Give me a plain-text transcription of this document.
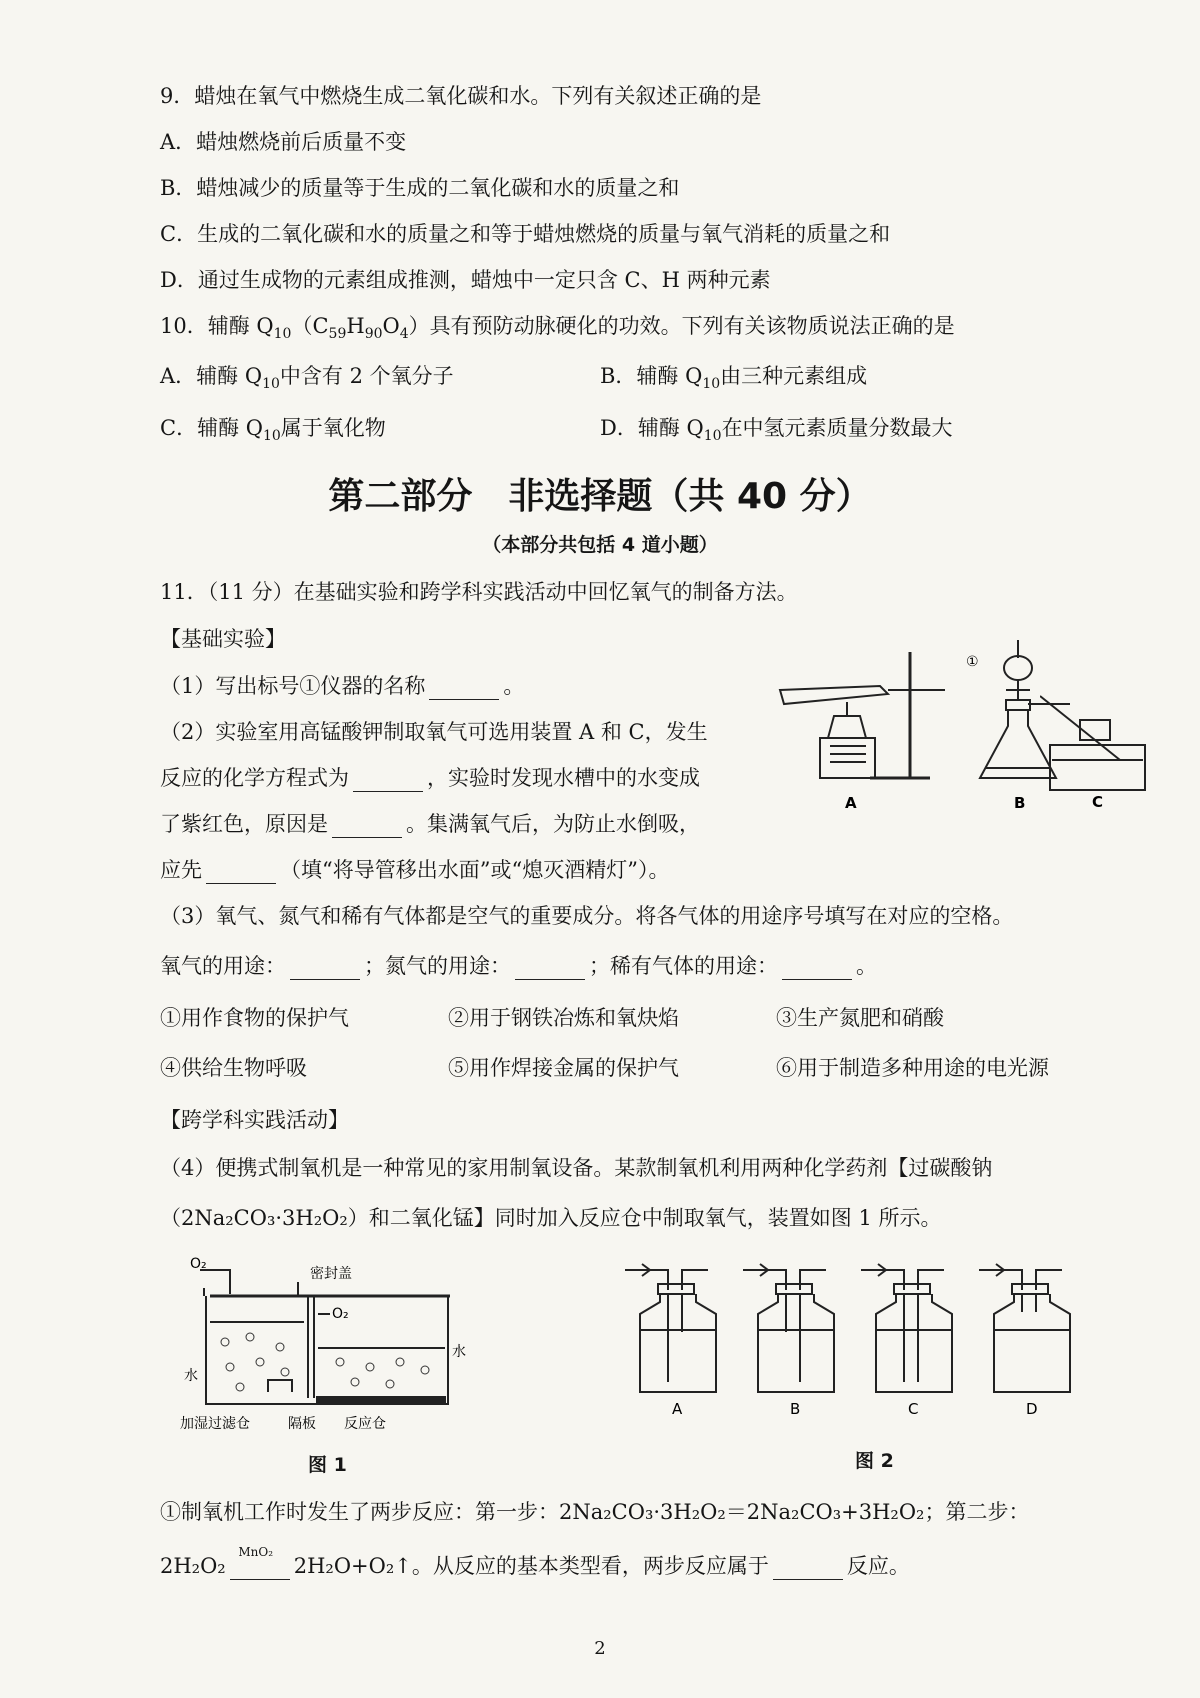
9．蜡烛在氧气中燃烧生成二氧化碳和水。下列有关叙述正确的是
A．蜡烛燃烧前后质量不变
B．蜡烛减少的质量等于生成的二氧化碳和水的质量之和
C．生成的二氧化碳和水的质量之和等于蜡烛燃烧的质量与氧气消耗的质量之和
D．通过生成物的元素组成推测，蜡烛中一定只含 C、H 两种元素
10．辅酶 $Q_{10}(C_{59}H_{90}O_4)$具有预防动脉硬化的功效。下列有关该物质说法正确的是
A．辅酶 $Q_{10}$中含有 2 个氧分子	B．辅酶 $Q_{10}$由三种元素组成
C．辅酶 $Q_{10}$属于氧化物	D．辅酶 $Q_{10}$在中氢元素质量分数最大
第二部分　非选择题（共 40 分）
（本部分共包括 4 道小题）
11．（11 分）在基础实验和跨学科实践活动中回忆氧气的制备方法。
【基础实验】
（1）写出标号①仪器的名称	。
（2）实验室用高锰酸钾制取氧气可选用装置 A 和 C，发生
反应的化学方程式为	，实验时发现水槽中的水变成
了紫红色，原因是	。集满氧气后，为防止水倒吸，
应先	（填“将导管移出水面”或“熄灭酒精灯”）。
①
A	B	C
（3）氧气、氮气和稀有气体都是空气的重要成分。将各气体的用途序号填写在对应的空格。
氧气的用途：	；氮气的用途：	；稀有气体的用途：	。
①用作食物的保护气	②用于钢铁冶炼和氧炔焰	③生产氮肥和硝酸
④供给生物呼吸	⑤用作焊接金属的保护气	⑥用于制造多种用途的电光源
【跨学科实践活动】
（4）便携式制氧机是一种常见的家用制氧设备。某款制氧机利用两种化学药剂【过碳酸钠
（2Na₂CO₃·3H₂O₂）和二氧化锰】同时加入反应仓中制取氧气，装置如图 1 所示。
O₂
密封盖
O₂
水
水
加湿过滤仓	隔板 反应仓
图 1
A	B	C	D
图 2
①制氧机工作时发生了两步反应：第一步：2Na₂CO₃·3H₂O₂＝2Na₂CO₃+3H₂O₂；第二步：
2H₂O₂
MnO₂
2H₂O+O₂↑。从反应的基本类型看，两步反应属于	反应。
2
